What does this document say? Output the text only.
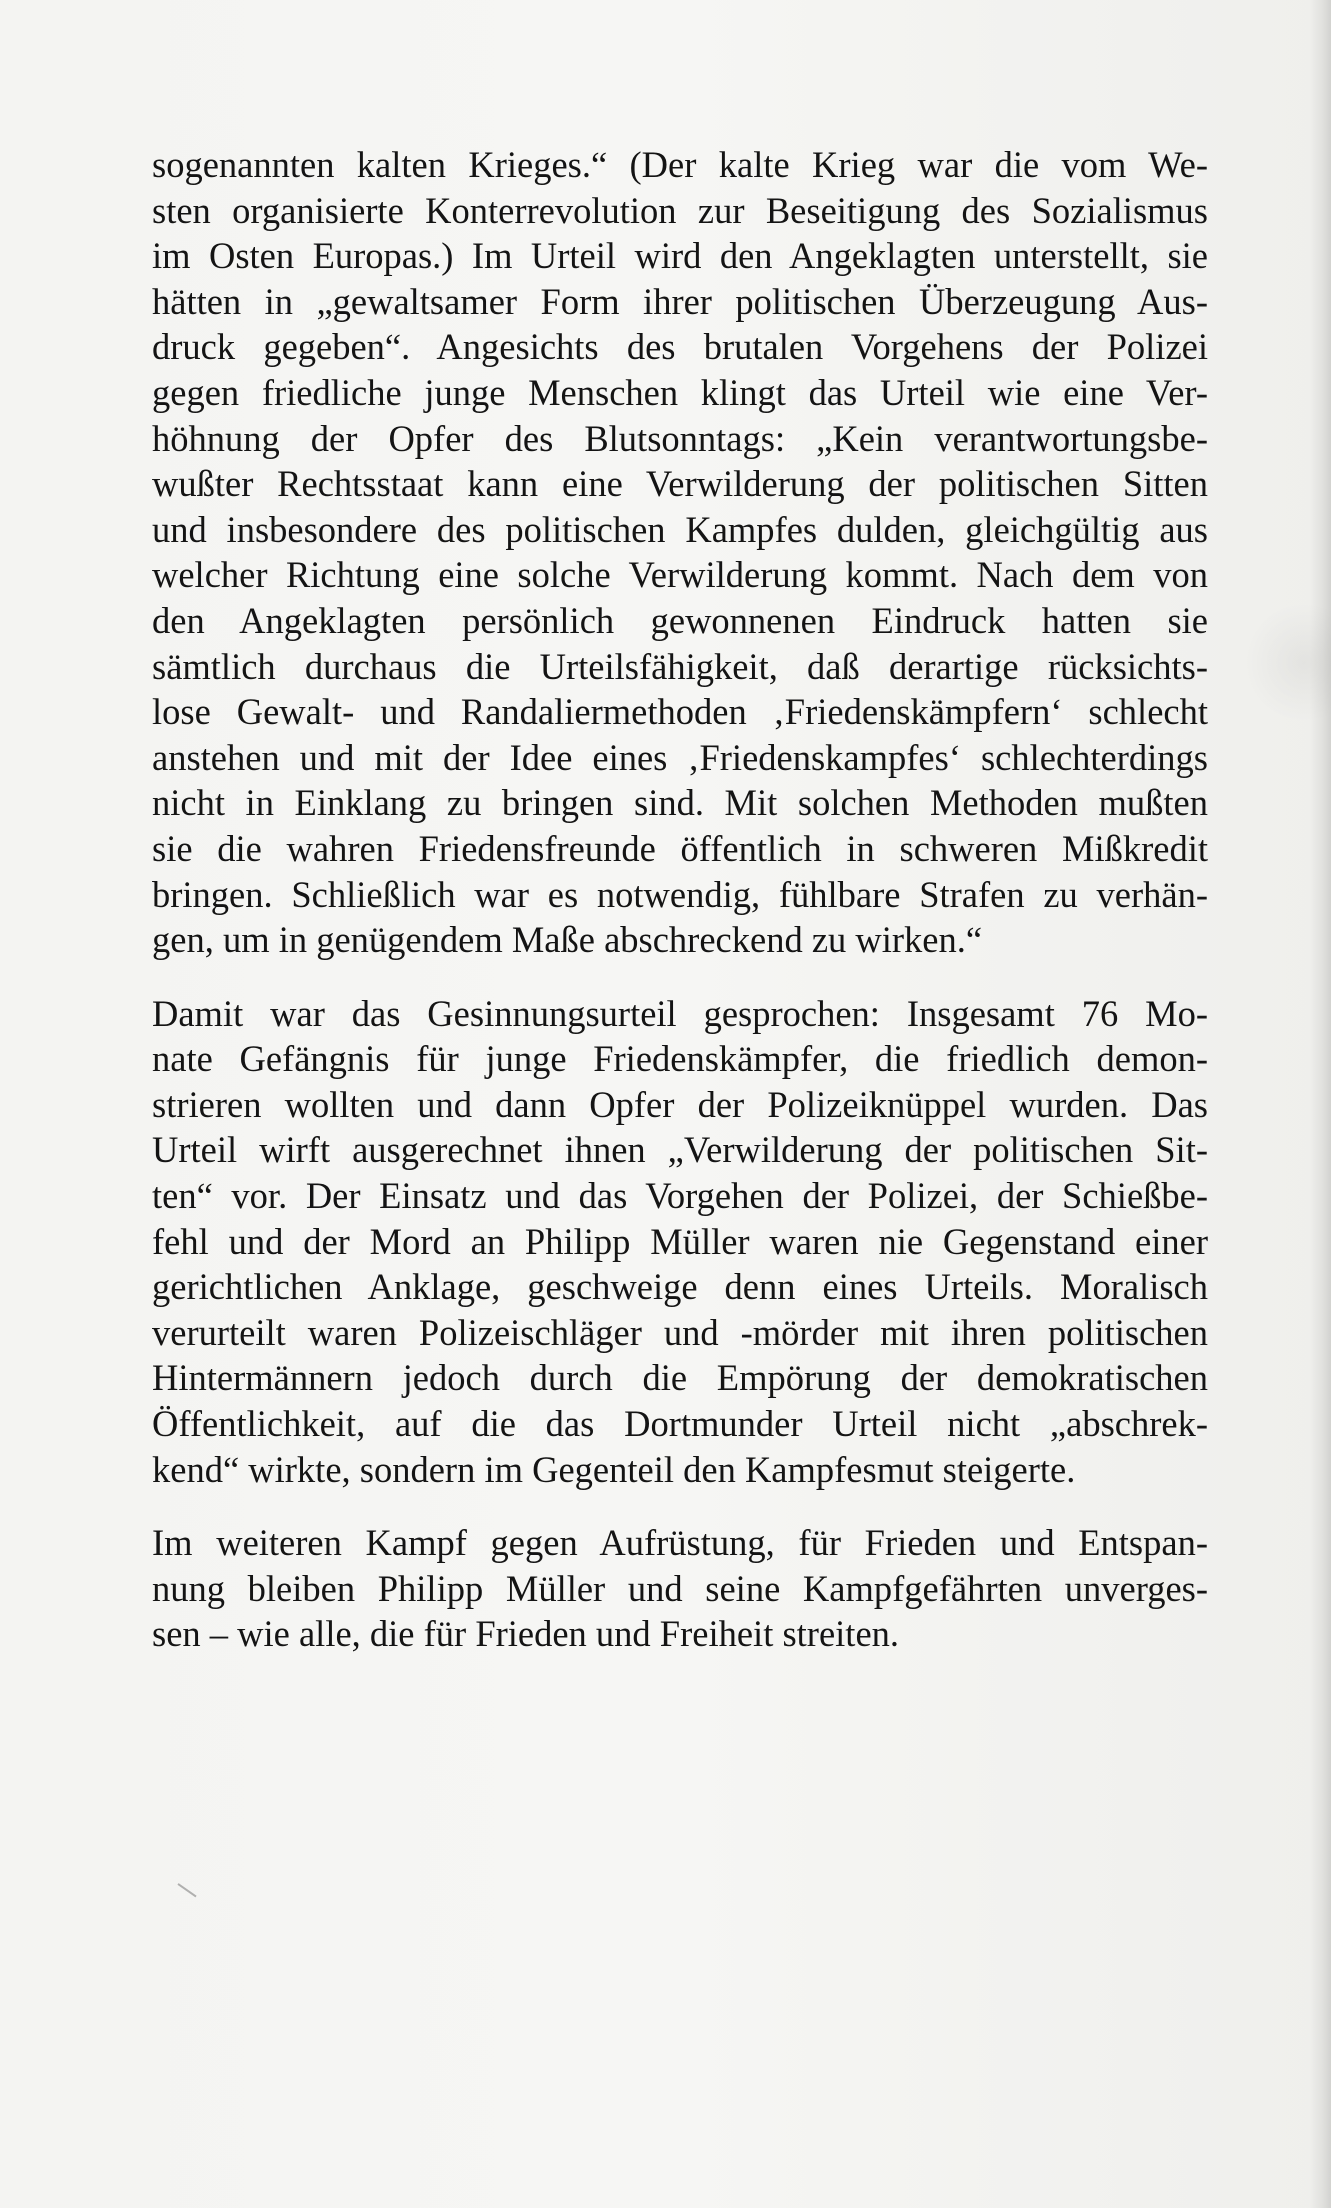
sogenannten kalten Krieges.“ (Der kalte Krieg war die vom We-
sten organisierte Konterrevolution zur Beseitigung des Sozialismus
im Osten Europas.) Im Urteil wird den Angeklagten unterstellt, sie
hätten in „gewaltsamer Form ihrer politischen Überzeugung Aus-
druck gegeben“. Angesichts des brutalen Vorgehens der Polizei
gegen friedliche junge Menschen klingt das Urteil wie eine Ver-
höhnung der Opfer des Blutsonntags: „Kein verantwortungsbe-
wußter Rechtsstaat kann eine Verwilderung der politischen Sitten
und insbesondere des politischen Kampfes dulden, gleichgültig aus
welcher Richtung eine solche Verwilderung kommt. Nach dem von
den Angeklagten persönlich gewonnenen Eindruck hatten sie
sämtlich durchaus die Urteilsfähigkeit, daß derartige rücksichts-
lose Gewalt- und Randaliermethoden ‚Friedenskämpfern‘ schlecht
anstehen und mit der Idee eines ‚Friedenskampfes‘ schlechterdings
nicht in Einklang zu bringen sind. Mit solchen Methoden mußten
sie die wahren Friedensfreunde öffentlich in schweren Mißkredit
bringen. Schließlich war es notwendig, fühlbare Strafen zu verhän-
gen, um in genügendem Maße abschreckend zu wirken.“
Damit war das Gesinnungsurteil gesprochen: Insgesamt 76 Mo-
nate Gefängnis für junge Friedenskämpfer, die friedlich demon-
strieren wollten und dann Opfer der Polizeiknüppel wurden. Das
Urteil wirft ausgerechnet ihnen „Verwilderung der politischen Sit-
ten“ vor. Der Einsatz und das Vorgehen der Polizei, der Schießbe-
fehl und der Mord an Philipp Müller waren nie Gegenstand einer
gerichtlichen Anklage, geschweige denn eines Urteils. Moralisch
verurteilt waren Polizeischläger und -mörder mit ihren politischen
Hintermännern jedoch durch die Empörung der demokratischen
Öffentlichkeit, auf die das Dortmunder Urteil nicht „abschrek-
kend“ wirkte, sondern im Gegenteil den Kampfesmut steigerte.
Im weiteren Kampf gegen Aufrüstung, für Frieden und Entspan-
nung bleiben Philipp Müller und seine Kampfgefährten unverges-
sen – wie alle, die für Frieden und Freiheit streiten.
